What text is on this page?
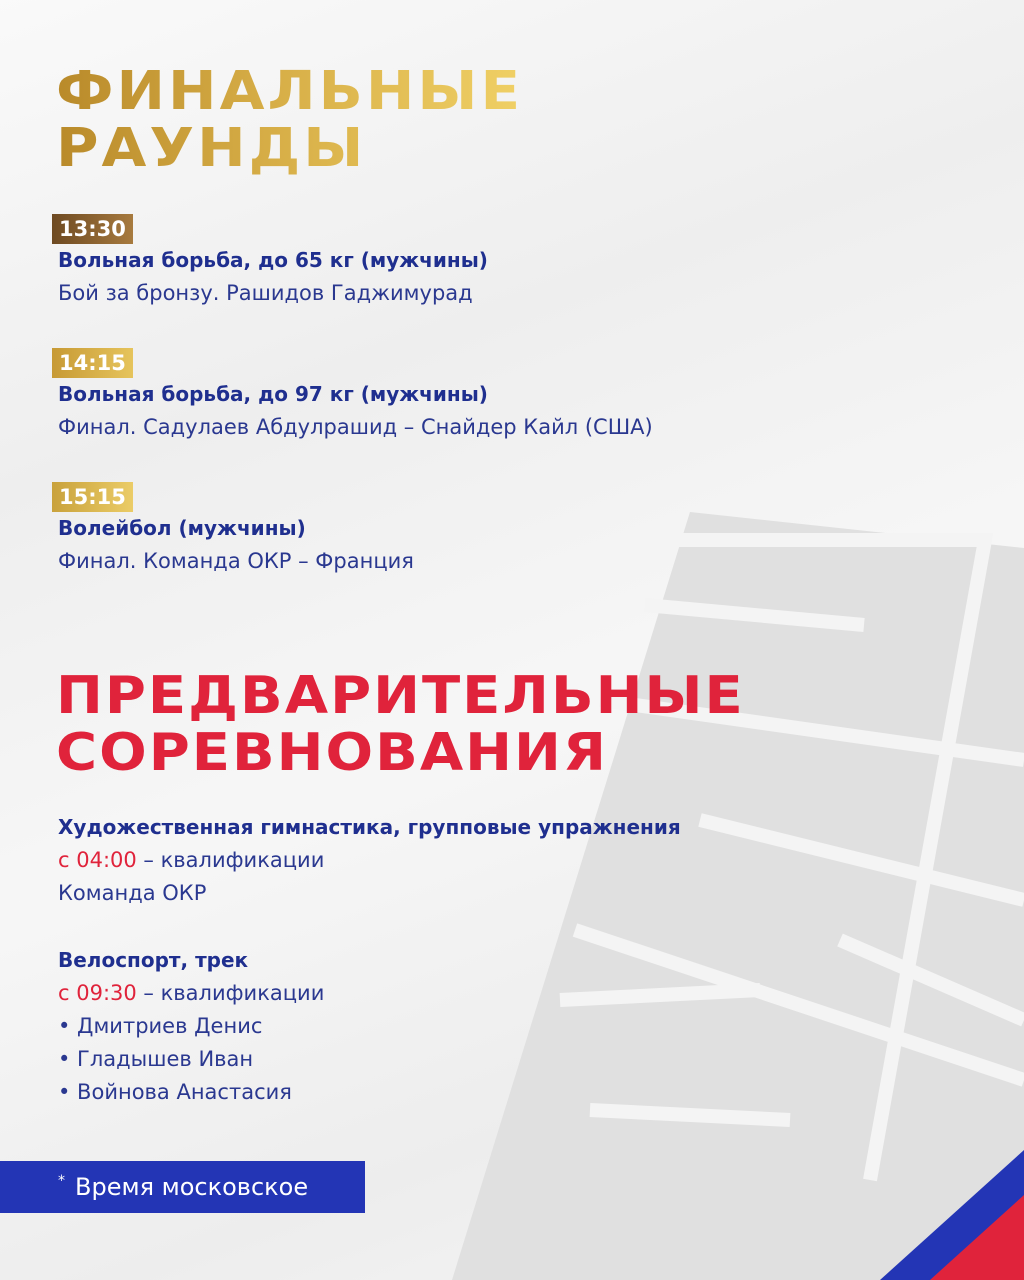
ФИНАЛЬНЫЕ
РАУНДЫ
13:30
Вольная борьба, до 65 кг (мужчины)
Бой за бронзу. Рашидов Гаджимурад
14:15
Вольная борьба, до 97 кг (мужчины)
Финал. Садулаев Абдулрашид – Снайдер Кайл (США)
15:15
Волейбол (мужчины)
Финал. Команда ОКР – Франция
ПРЕДВАРИТЕЛЬНЫЕ
СОРЕВНОВАНИЯ
Художественная гимнастика, групповые упражнения
с 04:00 – квалификации
Команда ОКР
Велоспорт, трек
с 09:30 – квалификации
• Дмитриев Денис
• Гладышев Иван
• Войнова Анастасия
* Время московское
